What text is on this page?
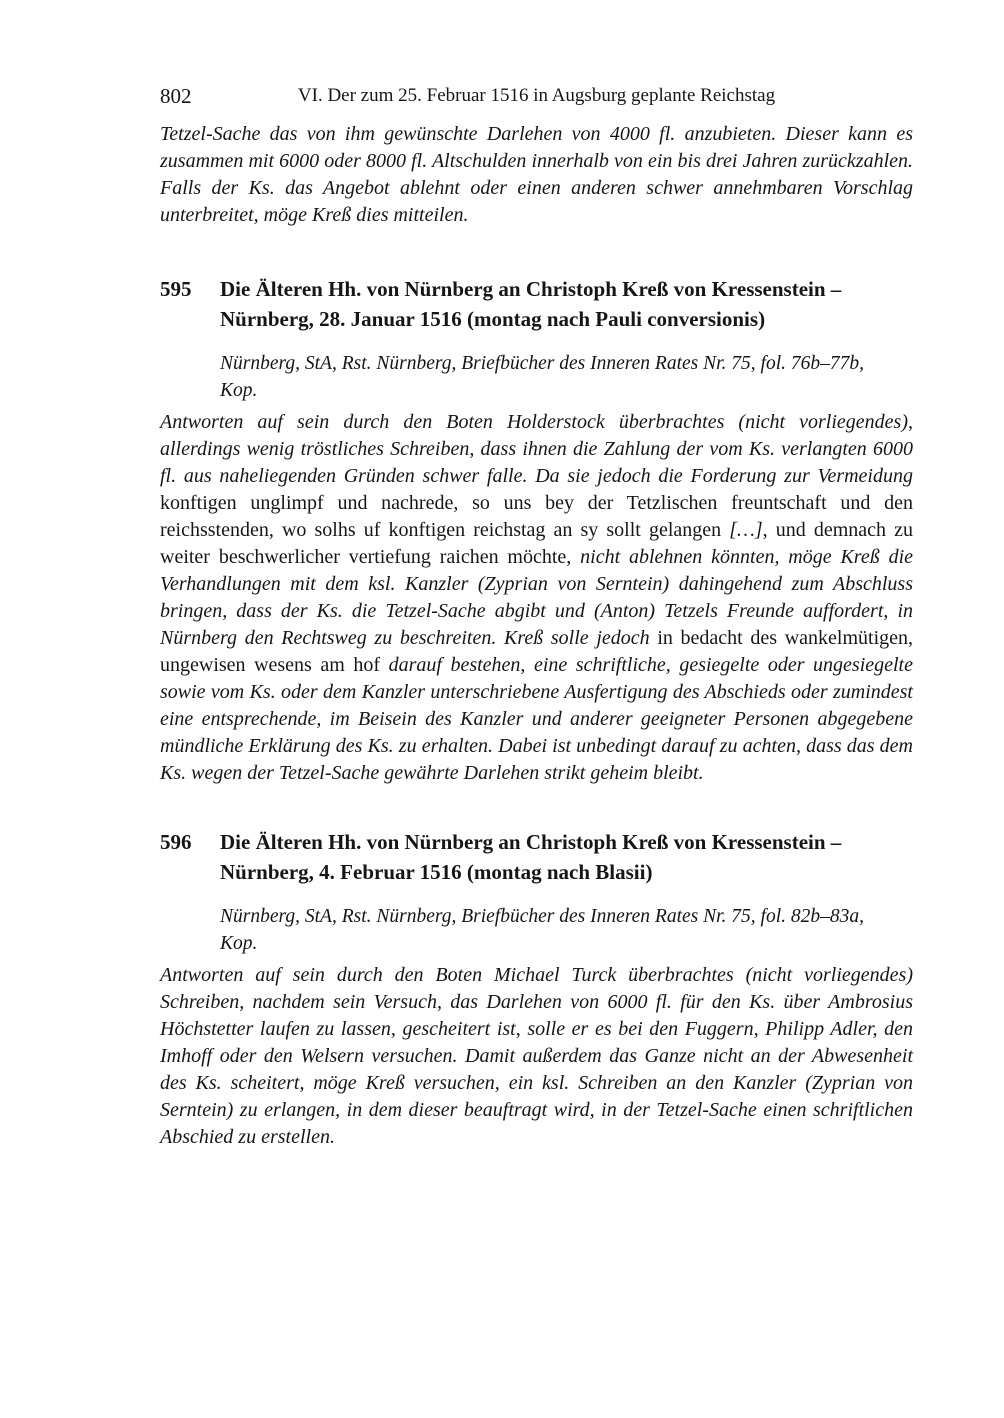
802	VI. Der zum 25. Februar 1516 in Augsburg geplante Reichstag

Tetzel-Sache das von ihm gewünschte Darlehen von 4000 fl. anzubieten. Dieser kann es zusammen mit 6000 oder 8000 fl. Altschulden innerhalb von ein bis drei Jahren zurückzahlen. Falls der Ks. das Angebot ablehnt oder einen anderen schwer annehmbaren Vorschlag unterbreitet, möge Kreß dies mitteilen.

595	Die Älteren Hh. von Nürnberg an Christoph Kreß von Kressenstein –
Nürnberg, 28. Januar 1516 (montag nach Pauli conversionis)

Nürnberg, StA, Rst. Nürnberg, Briefbücher des Inneren Rates Nr. 75, fol. 76b–77b,
Kop.

Antworten auf sein durch den Boten Holderstock überbrachtes (nicht vorliegendes), allerdings wenig tröstliches Schreiben, dass ihnen die Zahlung der vom Ks. verlangten 6000 fl. aus naheliegenden Gründen schwer falle. Da sie jedoch die Forderung zur Vermeidung konftigen unglimpf und nachrede, so uns bey der Tetzlischen freuntschaft und den reichsstenden, wo solhs uf konftigen reichstag an sy sollt gelangen […], und demnach zu weiter beschwerlicher vertiefung raichen möchte, nicht ablehnen könnten, möge Kreß die Verhandlungen mit dem ksl. Kanzler (Zyprian von Serntein) dahingehend zum Abschluss bringen, dass der Ks. die Tetzel-Sache abgibt und (Anton) Tetzels Freunde auffordert, in Nürnberg den Rechtsweg zu beschreiten. Kreß solle jedoch in bedacht des wankelmütigen, ungewisen wesens am hof darauf bestehen, eine schriftliche, gesiegelte oder ungesiegelte sowie vom Ks. oder dem Kanzler unterschriebene Ausfertigung des Abschieds oder zumindest eine entsprechende, im Beisein des Kanzler und anderer geeigneter Personen abgegebene mündliche Erklärung des Ks. zu erhalten. Dabei ist unbedingt darauf zu achten, dass das dem Ks. wegen der Tetzel-Sache gewährte Darlehen strikt geheim bleibt.

596	Die Älteren Hh. von Nürnberg an Christoph Kreß von Kressenstein –
Nürnberg, 4. Februar 1516 (montag nach Blasii)

Nürnberg, StA, Rst. Nürnberg, Briefbücher des Inneren Rates Nr. 75, fol. 82b–83a,
Kop.

Antworten auf sein durch den Boten Michael Turck überbrachtes (nicht vorliegendes) Schreiben, nachdem sein Versuch, das Darlehen von 6000 fl. für den Ks. über Ambrosius Höchstetter laufen zu lassen, gescheitert ist, solle er es bei den Fuggern, Philipp Adler, den Imhoff oder den Welsern versuchen. Damit außerdem das Ganze nicht an der Abwesenheit des Ks. scheitert, möge Kreß versuchen, ein ksl. Schreiben an den Kanzler (Zyprian von Serntein) zu erlangen, in dem dieser beauftragt wird, in der Tetzel-Sache einen schriftlichen Abschied zu erstellen.
